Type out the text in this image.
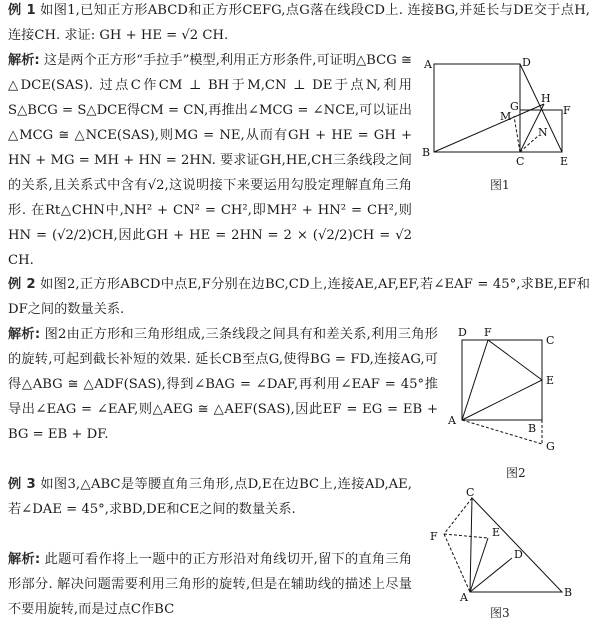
例 1 如图1,已知正方形ABCD和正方形CEFG,点G落在线段CD上. 连接BG,并延长与DE交于点H,连接CH. 求证: GH + HE = √2 CH.

解析: 这是两个正方形“手拉手”模型,利用正方形条件,可证明△BCG ≅ △DCE(SAS). 过点C作CM ⊥ BH于M,CN ⊥ DE于点N,利用S△BCG = S△DCE得CM = CN,再推出∠MCG = ∠NCE,可以证出△MCG ≅ △NCE(SAS),则MG = NE,从而有GH + HE = GH + HN + MG = MH + HN = 2HN. 要求证GH,HE,CH三条线段之间的关系,且关系式中含有√2,这说明接下来要运用勾股定理解直角三角形. 在Rt△CHN中,NH² + CN² = CH²,即MH² + HN² = CH²,则HN = (√2/2)CH,因此GH + HE = 2HN = 2 × (√2/2)CH = √2 CH.

A	D
B
C	E
F
G
H
M
N
图1

例 2 如图2,正方形ABCD中点E,F分别在边BC,CD上,连接AE,AF,EF,若∠EAF = 45°,求BE,EF和DF之间的数量关系.

解析: 图2由正方形和三角形组成,三条线段之间具有和差关系,利用三角形的旋转,可起到截长补短的效果. 延长CB至点G,使得BG = FD,连接AG,可得△ABG ≅ △ADF(SAS),得到∠BAG = ∠DAF,再利用∠EAF = 45°推导出∠EAG = ∠EAF,则△AEG ≅ △AEF(SAS),因此EF = EG = EB + BG = EB + DF.

D F
C
E
A
B
G
图2

例 3 如图3,△ABC是等腰直角三角形,点D,E在边BC上,连接AD,AE,若∠DAE = 45°,求BD,DE和CE之间的数量关系.

解析: 此题可看作将上一题中的正方形沿对角线切开,留下的直角三角形部分. 解决问题需要利用三角形的旋转,但是在辅助线的描述上尽量不要用旋转,而是过点C作BC

C
E
F
D
A	B
图3
